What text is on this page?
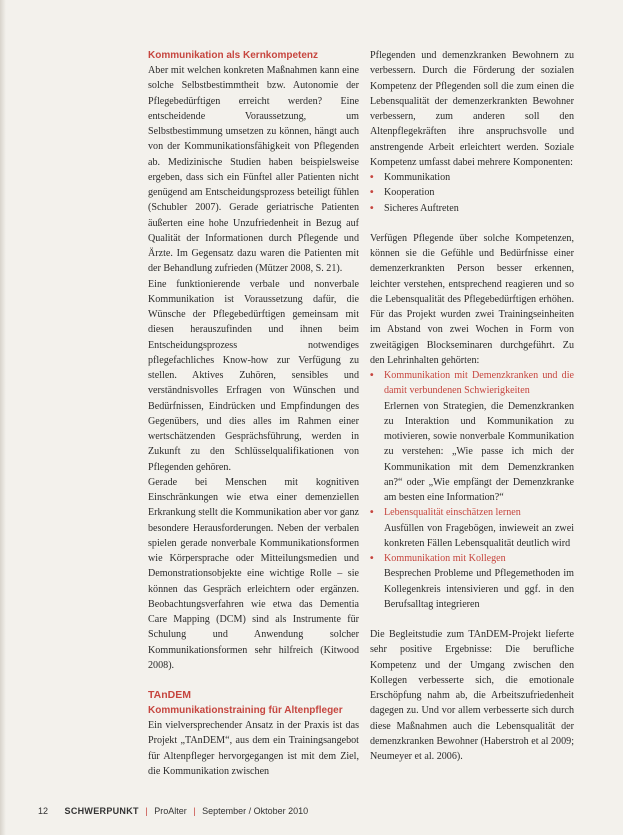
Kommunikation als Kernkompetenz

Aber mit welchen konkreten Maßnahmen kann eine solche Selbstbestimmtheit bzw. Autonomie der Pflegebedürftigen erreicht werden? Eine entscheidende Voraussetzung, um Selbstbestimmung umsetzen zu können, hängt auch von der Kommunikationsfähigkeit von Pflegenden ab. Medizinische Studien haben beispielsweise ergeben, dass sich ein Fünftel aller Patienten nicht genügend am Entscheidungsprozess beteiligt fühlen (Schubler 2007). Gerade geriatrische Patienten äußerten eine hohe Unzufriedenheit in Bezug auf Qualität der Informationen durch Pflegende und Ärzte. Im Gegensatz dazu waren die Patienten mit der Behandlung zufrieden (Mützer 2008, S. 21).

Eine funktionierende verbale und nonverbale Kommunikation ist Voraussetzung dafür, die Wünsche der Pflegebedürftigen gemeinsam mit diesen herauszufinden und ihnen beim Entscheidungsprozess notwendiges pflegefachliches Know-how zur Verfügung zu stellen. Aktives Zuhören, sensibles und verständnisvolles Erfragen von Wünschen und Bedürfnissen, Eindrücken und Empfindungen des Gegenübers, und dies alles im Rahmen einer wertschätzenden Gesprächsführung, werden in Zukunft zu den Schlüsselqualifikationen von Pflegenden gehören.

Gerade bei Menschen mit kognitiven Einschränkungen wie etwa einer demenziellen Erkrankung stellt die Kommunikation aber vor ganz besondere Herausforderungen. Neben der verbalen spielen gerade nonverbale Kommunikationsformen wie Körpersprache oder Mitteilungsmedien und Demonstrationsobjekte eine wichtige Rolle – sie können das Gespräch erleichtern oder ergänzen. Beobachtungsverfahren wie etwa das Dementia Care Mapping (DCM) sind als Instrumente für Schulung und Anwendung solcher Kommunikationsformen sehr hilfreich (Kitwood 2008).

TAnDEM
Kommunikationstraining für Altenpfleger

Ein vielversprechender Ansatz in der Praxis ist das Projekt „TAnDEM“, aus dem ein Trainingsangebot für Altenpfleger hervorgegangen ist mit dem Ziel, die Kommunikation zwischen

Pflegenden und demenzkranken Bewohnern zu verbessern. Durch die Förderung der sozialen Kompetenz der Pflegenden soll die zum einen die Lebensqualität der demenzerkrankten Bewohner verbessern, zum anderen soll den Altenpflegekräften ihre anspruchsvolle und anstrengende Arbeit erleichtert werden. Soziale Kompetenz umfasst dabei mehrere Komponenten:

• Kommunikation
• Kooperation
• Sicheres Auftreten

Verfügen Pflegende über solche Kompetenzen, können sie die Gefühle und Bedürfnisse einer demenzerkrankten Person besser erkennen, leichter verstehen, entsprechend reagieren und so die Lebensqualität des Pflegebedürftigen erhöhen. Für das Projekt wurden zwei Trainingseinheiten im Abstand von zwei Wochen in Form von zweitägigen Blockseminaren durchgeführt. Zu den Lehrinhalten gehörten:

• Kommunikation mit Demenzkranken und die damit verbundenen Schwierigkeiten
Erlernen von Strategien, die Demenzkranken zu Interaktion und Kommunikation zu motivieren, sowie nonverbale Kommunikation zu verstehen: „Wie passe ich mich der Kommunikation mit dem Demenzkranken an?“ oder „Wie empfängt der Demenzkranke am besten eine Information?“
• Lebensqualität einschätzen lernen
Ausfüllen von Fragebögen, inwieweit an zwei konkreten Fällen Lebensqualität deutlich wird
• Kommunikation mit Kollegen
Besprechen Probleme und Pflegemethoden im Kollegenkreis intensivieren und ggf. in den Berufsalltag integrieren

Die Begleitstudie zum TAnDEM-Projekt lieferte sehr positive Ergebnisse: Die berufliche Kompetenz und der Umgang zwischen den Kollegen verbesserte sich, die emotionale Erschöpfung nahm ab, die Arbeitszufriedenheit dagegen zu. Und vor allem verbesserte sich durch diese Maßnahmen auch die Lebensqualität der demenzkranken Bewohner (Haberstroh et al 2009; Neumeyer et al. 2006).

12 SCHWERPUNKT | ProAlter | September / Oktober 2010
